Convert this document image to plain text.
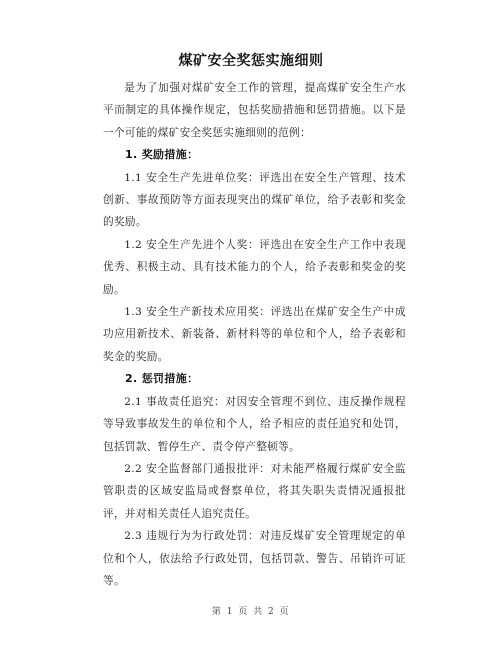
煤矿安全奖惩实施细则

是为了加强对煤矿安全工作的管理，提高煤矿安全生产水平而制定的具体操作规定，包括奖励措施和惩罚措施。以下是一个可能的煤矿安全奖惩实施细则的范例：

1. 奖励措施：

1.1 安全生产先进单位奖：评选出在安全生产管理、技术创新、事故预防等方面表现突出的煤矿单位，给予表彰和奖金的奖励。

1.2 安全生产先进个人奖：评选出在安全生产工作中表现优秀、积极主动、具有技术能力的个人，给予表彰和奖金的奖励。

1.3 安全生产新技术应用奖：评选出在煤矿安全生产中成功应用新技术、新装备、新材料等的单位和个人，给予表彰和奖金的奖励。

2. 惩罚措施：

2.1 事故责任追究：对因安全管理不到位、违反操作规程等导致事故发生的单位和个人，给予相应的责任追究和处罚，包括罚款、暂停生产、责令停产整顿等。

2.2 安全监督部门通报批评：对未能严格履行煤矿安全监管职责的区域安监局或督察单位，将其失职失责情况通报批评，并对相关责任人追究责任。

2.3 违规行为为行政处罚：对违反煤矿安全管理规定的单位和个人，依法给予行政处罚，包括罚款、警告、吊销许可证等。

第 1 页 共 2 页
